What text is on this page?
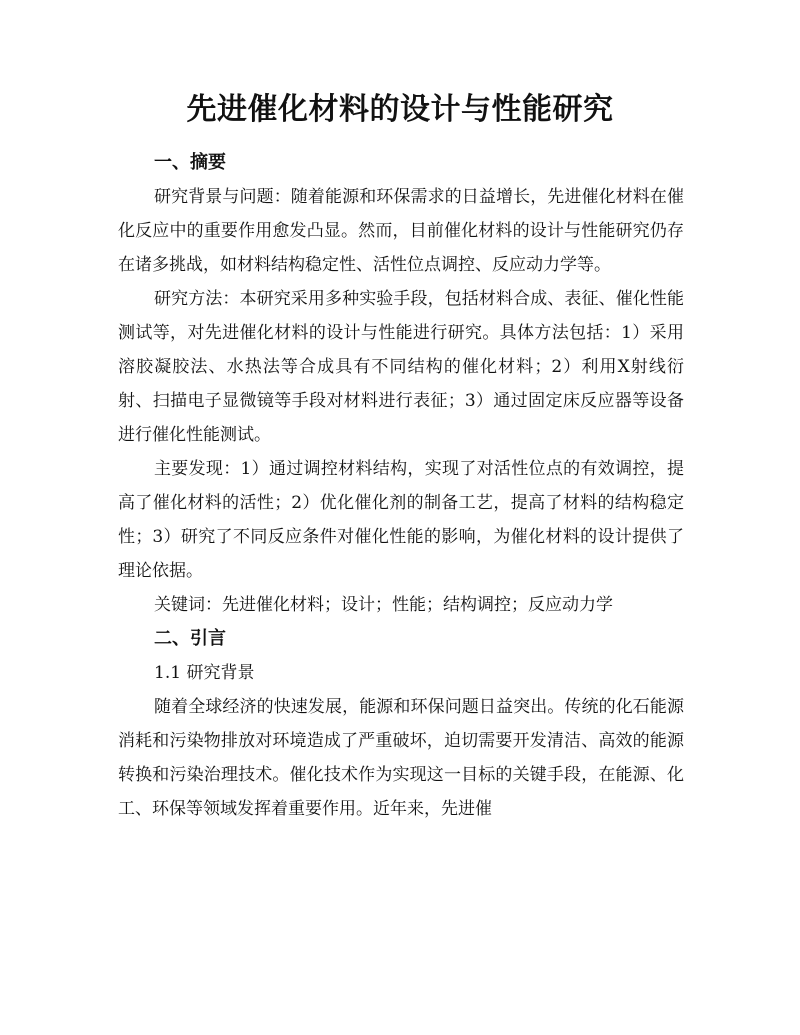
先进催化材料的设计与性能研究

一、摘要

研究背景与问题：随着能源和环保需求的日益增长，先进催化材料在催化反应中的重要作用愈发凸显。然而，目前催化材料的设计与性能研究仍存在诸多挑战，如材料结构稳定性、活性位点调控、反应动力学等。

研究方法：本研究采用多种实验手段，包括材料合成、表征、催化性能测试等，对先进催化材料的设计与性能进行研究。具体方法包括：1）采用溶胶凝胶法、水热法等合成具有不同结构的催化材料；2）利用X射线衍射、扫描电子显微镜等手段对材料进行表征；3）通过固定床反应器等设备进行催化性能测试。

主要发现：1）通过调控材料结构，实现了对活性位点的有效调控，提高了催化材料的活性；2）优化催化剂的制备工艺，提高了材料的结构稳定性；3）研究了不同反应条件对催化性能的影响，为催化材料的设计提供了理论依据。

关键词：先进催化材料；设计；性能；结构调控；反应动力学

二、引言

1.1 研究背景

随着全球经济的快速发展，能源和环保问题日益突出。传统的化石能源消耗和污染物排放对环境造成了严重破坏，迫切需要开发清洁、高效的能源转换和污染治理技术。催化技术作为实现这一目标的关键手段，在能源、化工、环保等领域发挥着重要作用。近年来，先进催
